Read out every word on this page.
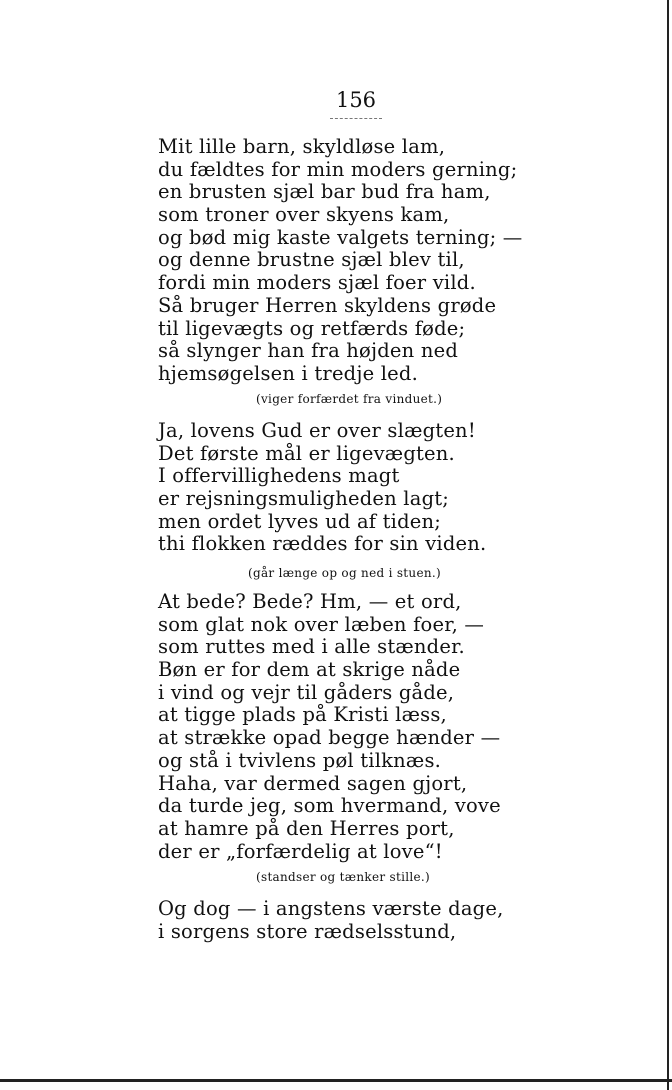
156
Mit lille barn, skyldløse lam,
du fældtes for min moders gerning;
en brusten sjæl bar bud fra ham,
som troner over skyens kam,
og bød mig kaste valgets terning; —
og denne brustne sjæl blev til,
fordi min moders sjæl foer vild.
Så bruger Herren skyldens grøde
til ligevægts og retfærds føde;
så slynger han fra højden ned
hjemsøgelsen i tredje led.
(viger forfærdet fra vinduet.)
Ja, lovens Gud er over slægten!
Det første mål er ligevægten.
I offervillighedens magt
er rejsningsmuligheden lagt;
men ordet lyves ud af tiden;
thi flokken ræddes for sin viden.
(går længe op og ned i stuen.)
At bede? Bede? Hm, — et ord,
som glat nok over læben foer, —
som ruttes med i alle stænder.
Bøn er for dem at skrige nåde
i vind og vejr til gåders gåde,
at tigge plads på Kristi læss,
at strække opad begge hænder —
og stå i tvivlens pøl tilknæs.
Haha, var dermed sagen gjort,
da turde jeg, som hvermand, vove
at hamre på den Herres port,
der er „forfærdelig at love“!
(standser og tænker stille.)
Og dog — i angstens værste dage,
i sorgens store rædselsstund,
